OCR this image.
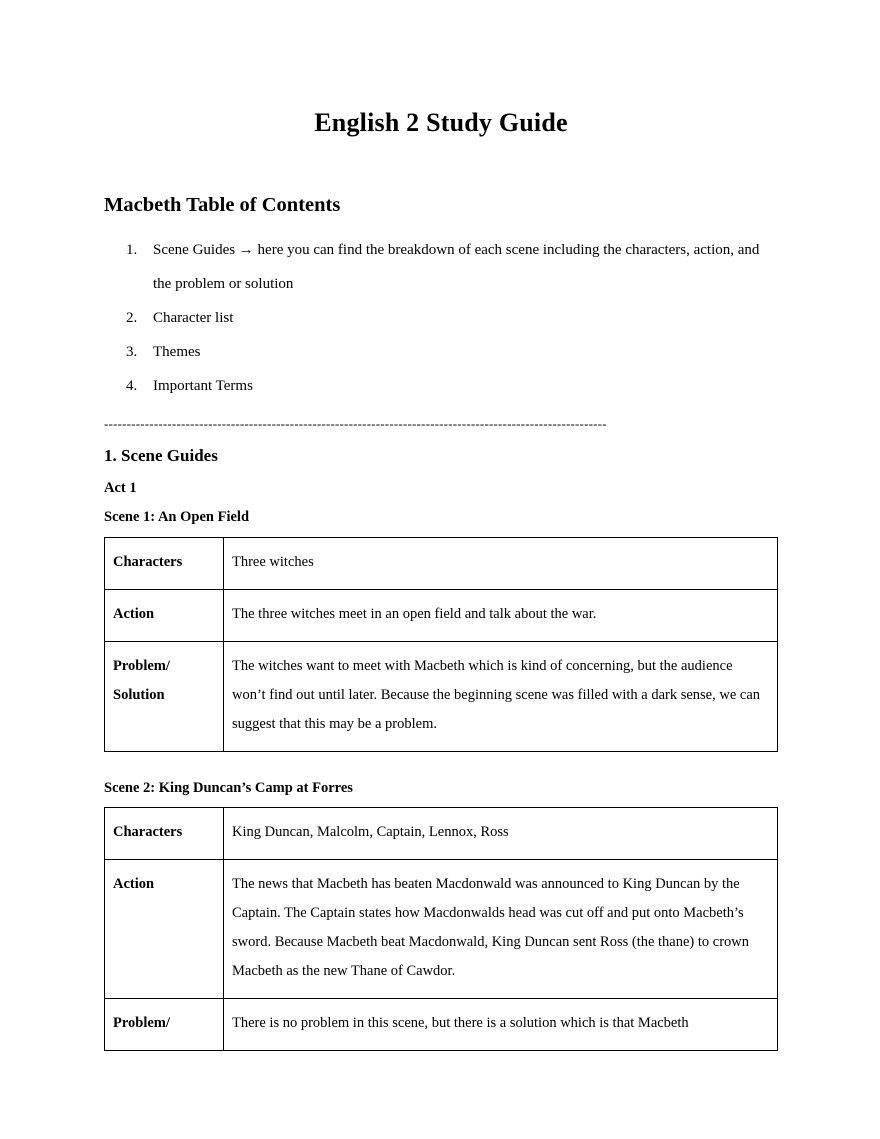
English 2 Study Guide
Macbeth Table of Contents
1. Scene Guides → here you can find the breakdown of each scene including the characters, action, and the problem or solution
2. Character list
3. Themes
4. Important Terms
---------------------------------------------------------------------------------------------------------------
1. Scene Guides
Act 1
Scene 1: An Open Field
Characters	Three witches
Action	The three witches meet in an open field and talk about the war.

Problem/
Solution	The witches want to meet with Macbeth which is kind of concerning, but the audience won’t find out until later. Because the beginning scene was filled with a dark sense, we can suggest that this may be a problem.
Scene 2: King Duncan’s Camp at Forres
Characters	King Duncan, Malcolm, Captain, Lennox, Ross
Action	The news that Macbeth has beaten Macdonwald was announced to King Duncan by the Captain. The Captain states how Macdonwalds head was cut off and put onto Macbeth’s sword. Because Macbeth beat Macdonwald, King Duncan sent Ross (the thane) to crown Macbeth as the new Thane of Cawdor.
Problem/	There is no problem in this scene, but there is a solution which is that Macbeth
